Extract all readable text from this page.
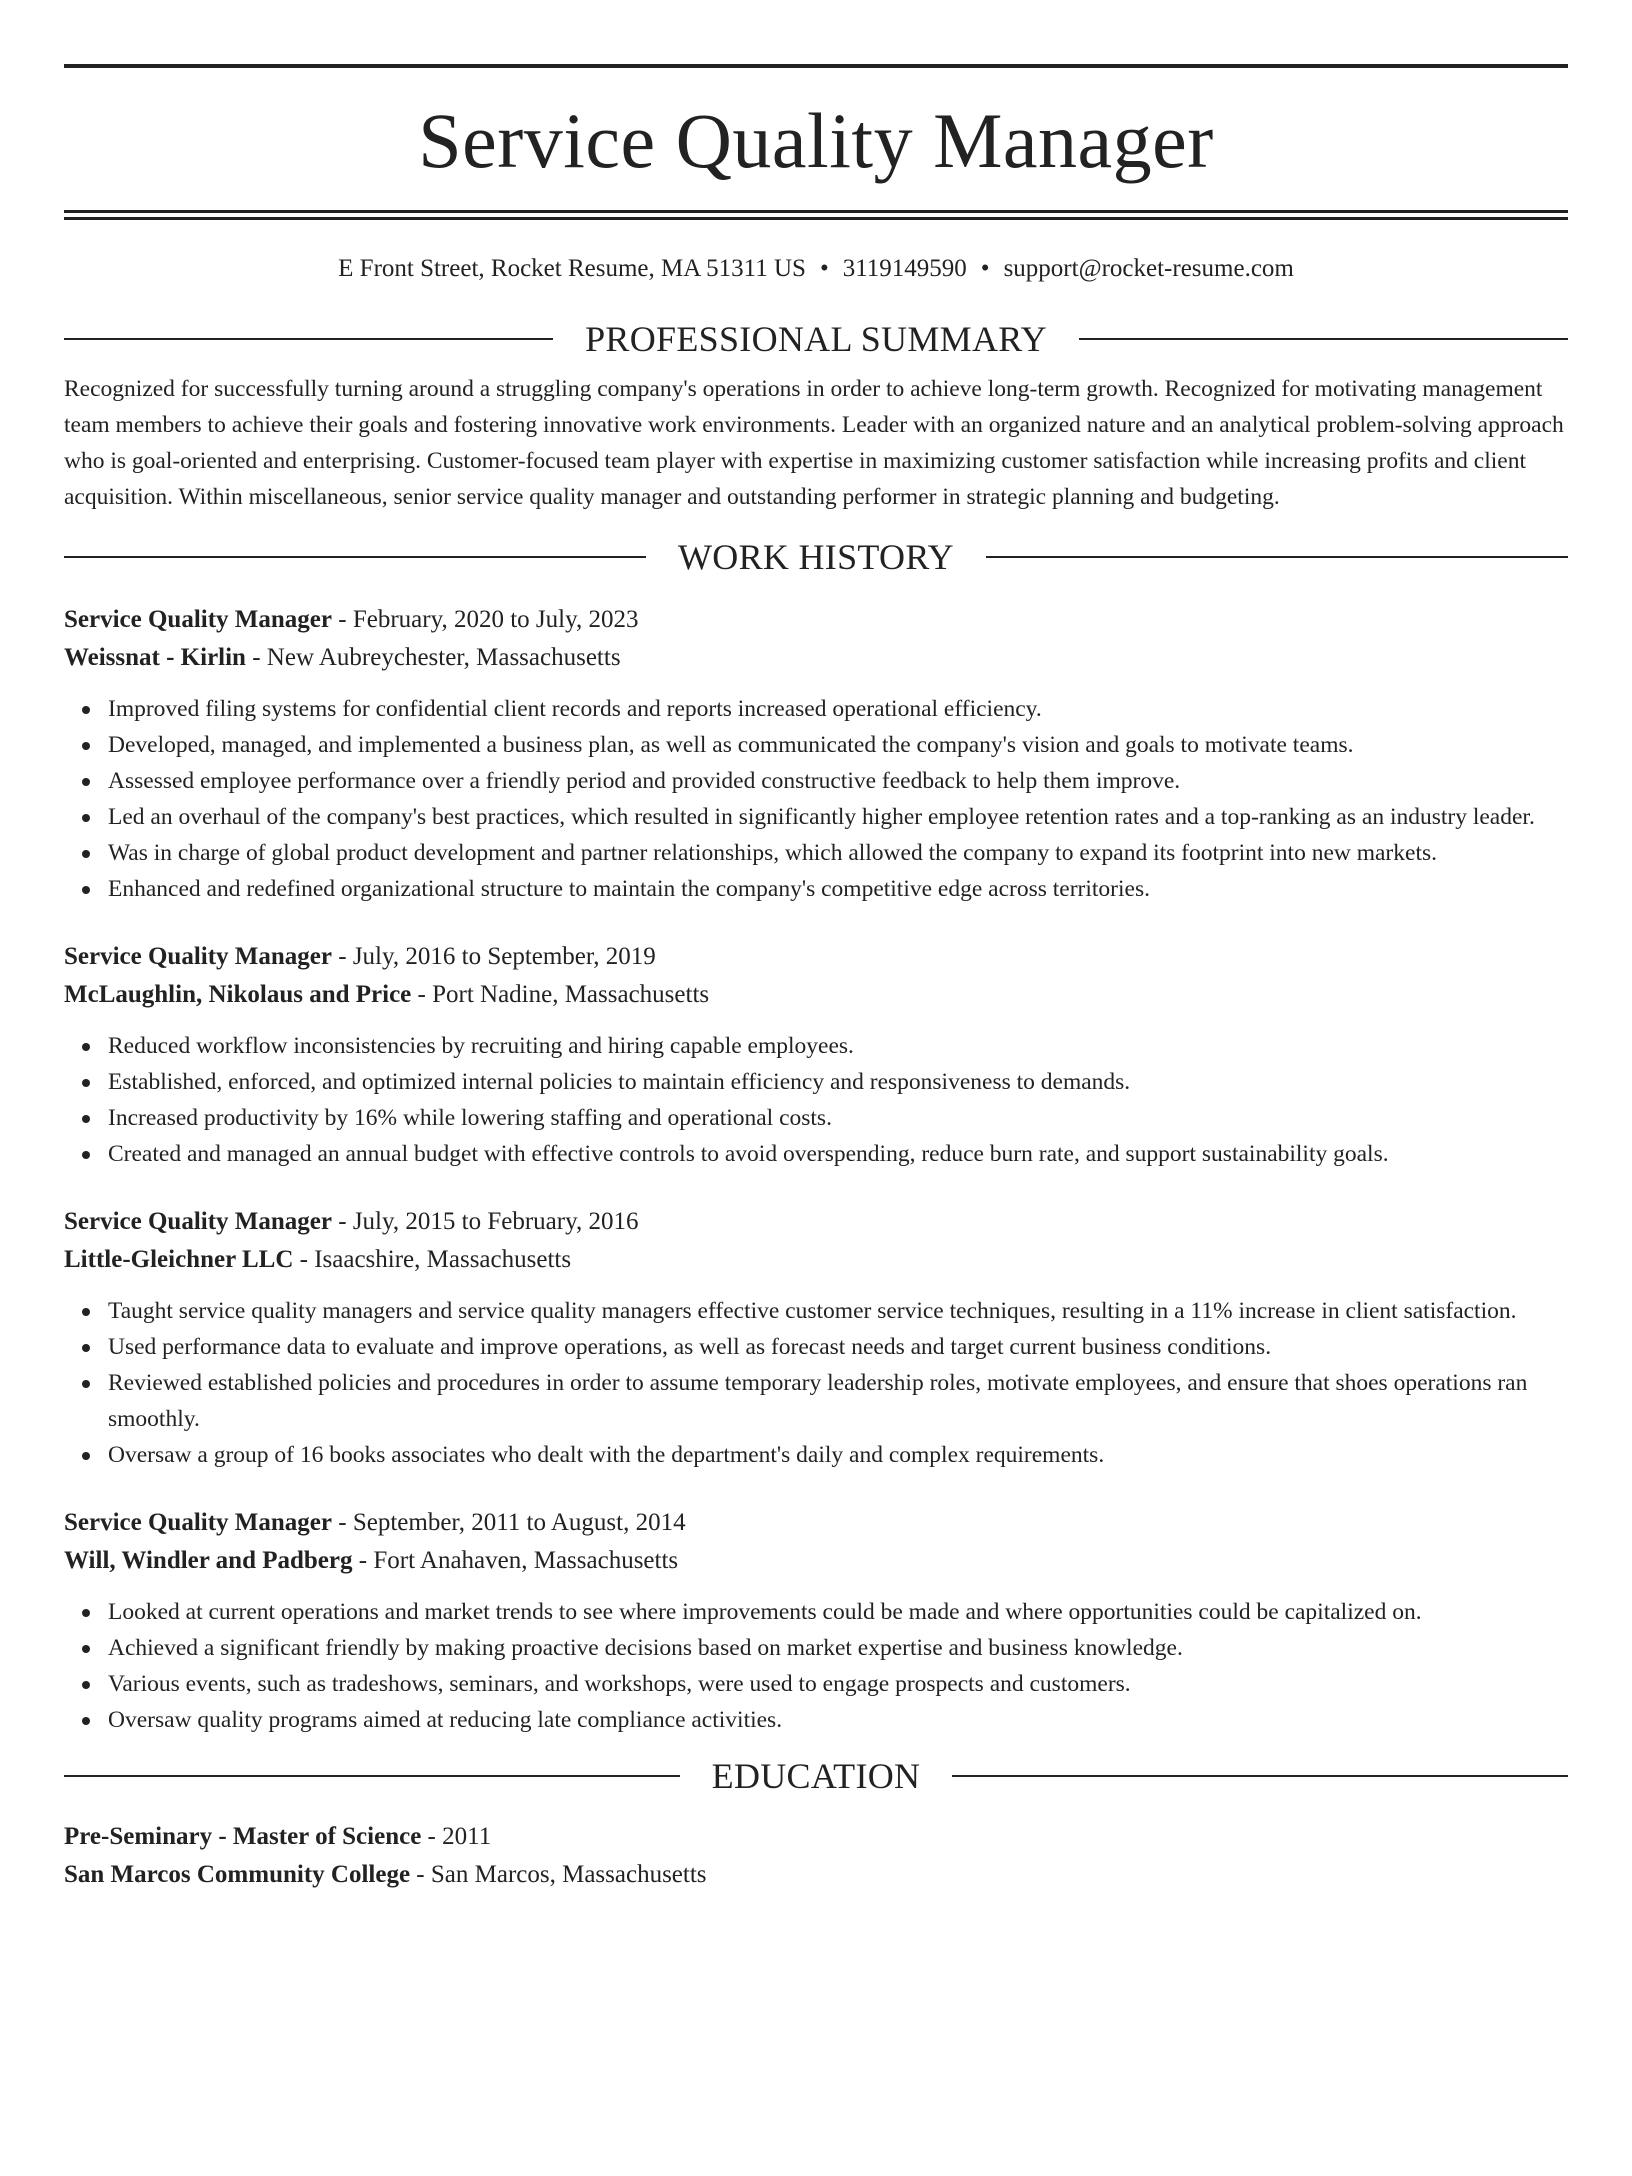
Service Quality Manager
E Front Street, Rocket Resume, MA 51311 US • 3119149590 • support@rocket-resume.com
PROFESSIONAL SUMMARY

Recognized for successfully turning around a struggling company's operations in order to achieve long-term growth. Recognized for motivating management team members to achieve their goals and fostering innovative work environments. Leader with an organized nature and an analytical problem-solving approach who is goal-oriented and enterprising. Customer-focused team player with expertise in maximizing customer satisfaction while increasing profits and client acquisition. Within miscellaneous, senior service quality manager and outstanding performer in strategic planning and budgeting.

WORK HISTORY
Service Quality Manager - February, 2020 to July, 2023
Weissnat - Kirlin - New Aubreychester, Massachusetts
Improved filing systems for confidential client records and reports increased operational efficiency.
Developed, managed, and implemented a business plan, as well as communicated the company's vision and goals to motivate teams.
Assessed employee performance over a friendly period and provided constructive feedback to help them improve.
Led an overhaul of the company's best practices, which resulted in significantly higher employee retention rates and a top-ranking as an industry leader.
Was in charge of global product development and partner relationships, which allowed the company to expand its footprint into new markets.
Enhanced and redefined organizational structure to maintain the company's competitive edge across territories.
Service Quality Manager - July, 2016 to September, 2019
McLaughlin, Nikolaus and Price - Port Nadine, Massachusetts
Reduced workflow inconsistencies by recruiting and hiring capable employees.
Established, enforced, and optimized internal policies to maintain efficiency and responsiveness to demands.
Increased productivity by 16% while lowering staffing and operational costs.
Created and managed an annual budget with effective controls to avoid overspending, reduce burn rate, and support sustainability goals.
Service Quality Manager - July, 2015 to February, 2016
Little-Gleichner LLC - Isaacshire, Massachusetts
Taught service quality managers and service quality managers effective customer service techniques, resulting in a 11% increase in client satisfaction.
Used performance data to evaluate and improve operations, as well as forecast needs and target current business conditions.
Reviewed established policies and procedures in order to assume temporary leadership roles, motivate employees, and ensure that shoes operations ran smoothly.
Oversaw a group of 16 books associates who dealt with the department's daily and complex requirements.
Service Quality Manager - September, 2011 to August, 2014
Will, Windler and Padberg - Fort Anahaven, Massachusetts
Looked at current operations and market trends to see where improvements could be made and where opportunities could be capitalized on.
Achieved a significant friendly by making proactive decisions based on market expertise and business knowledge.
Various events, such as tradeshows, seminars, and workshops, were used to engage prospects and customers.
Oversaw quality programs aimed at reducing late compliance activities.
EDUCATION
Pre-Seminary - Master of Science - 2011
San Marcos Community College - San Marcos, Massachusetts
